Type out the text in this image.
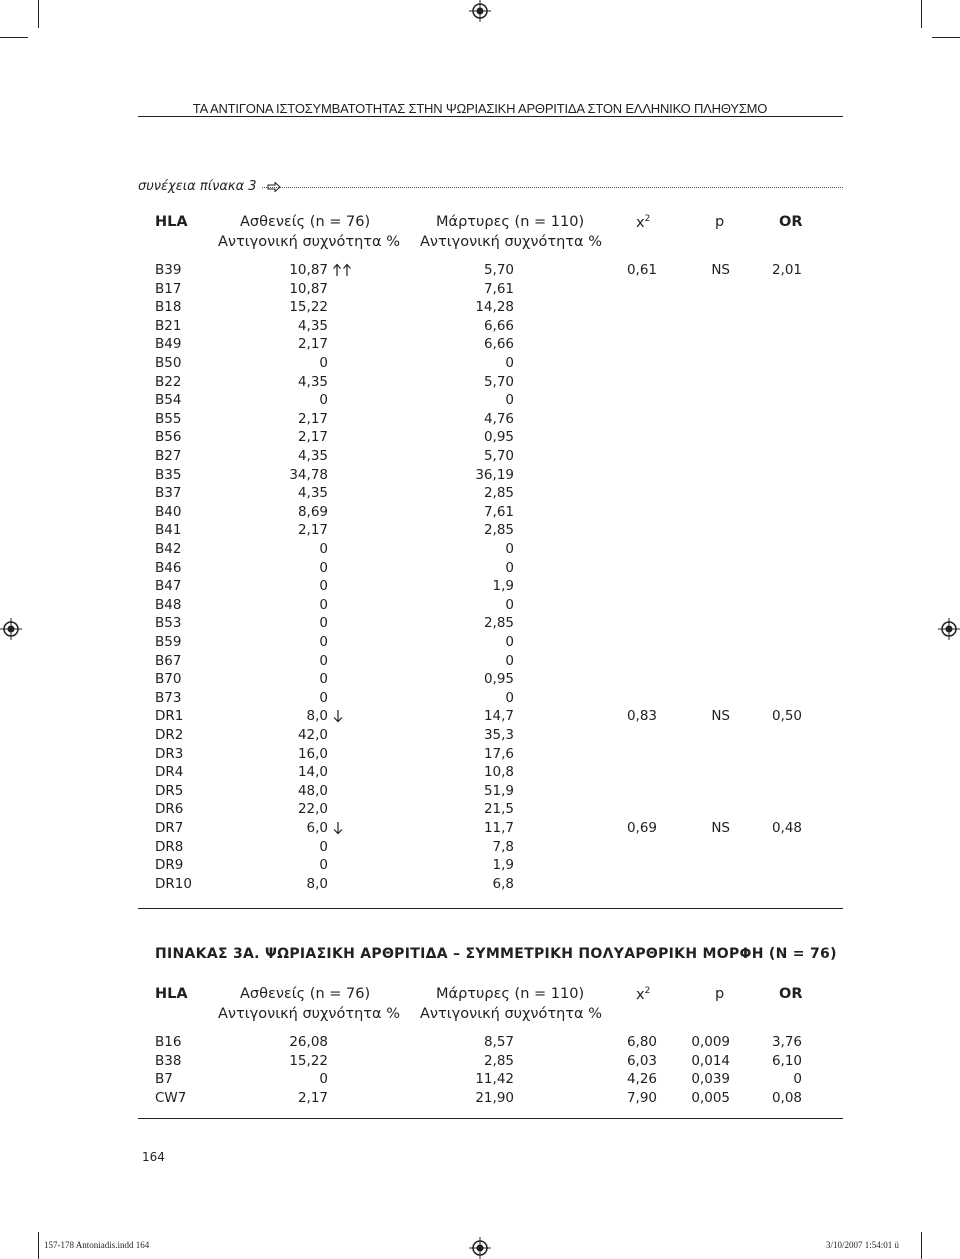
ΤΑ ΑΝΤΙΓΟΝΑ ΙΣΤΟΣΥΜΒΑΤΟΤΗΤΑΣ ΣΤΗΝ ΨΩΡΙΑΣΙΚΗ ΑΡΘΡΙΤΙΔΑ ΣΤΟΝ ΕΛΛΗΝΙΚΟ ΠΛΗΘΥΣΜΟ
συνέχεια πίνακα 3
HLA	Ασθενείς (n = 76)
Αντιγονική συχνότητα %
Μάρτυρες (n = 110)
Αντιγονική συχνότητα %
$x^2$	p	OR
B39	10,87	5,70	0,61	NS	2,01
B17	10,87	7,61
B18	15,22	14,28
B21	4,35	6,66
B49	2,17	6,66
B50	0	0
B22	4,35	5,70
B54	0	0
B55	2,17	4,76
B56	2,17	0,95
B27	4,35	5,70
B35	34,78	36,19
B37	4,35	2,85
B40	8,69	7,61
B41	2,17	2,85
B42	0	0
B46	0	0
B47	0	1,9
B48	0	0
B53	0	2,85
B59	0	0
B67	0	0
B70	0	0,95
B73	0	0
DR1	8,0	14,7	0,83	NS	0,50
DR2	42,0	35,3
DR3	16,0	17,6
DR4	14,0	10,8
DR5	48,0	51,9
DR6	22,0	21,5
DR7	6,0	11,7	0,69	NS	0,48
DR8	0	7,8
DR9	0	1,9
DR10	8,0	6,8
ΠΙΝΑΚΑΣ 3Α. ΨΩΡΙΑΣΙΚΗ ΑΡΘΡΙΤΙΔΑ – ΣΥΜΜΕΤΡΙΚΗ ΠΟΛΥΑΡΘΡΙΚΗ ΜΟΡΦΗ (Ν = 76)
HLA	Ασθενείς (n = 76)
Αντιγονική συχνότητα %
Μάρτυρες (n = 110)
Αντιγονική συχνότητα %
$x^2$	p	OR
B16	26,08	8,57	6,80	0,009	3,76
B38	15,22	2,85	6,03	0,014	6,10
B7	0	11,42	4,26	0,039	0
CW7	2,17	21,90	7,90	0,005	0,08
164
157-178 Antoniadis.indd 164	3/10/2007 1:54:01 ü
